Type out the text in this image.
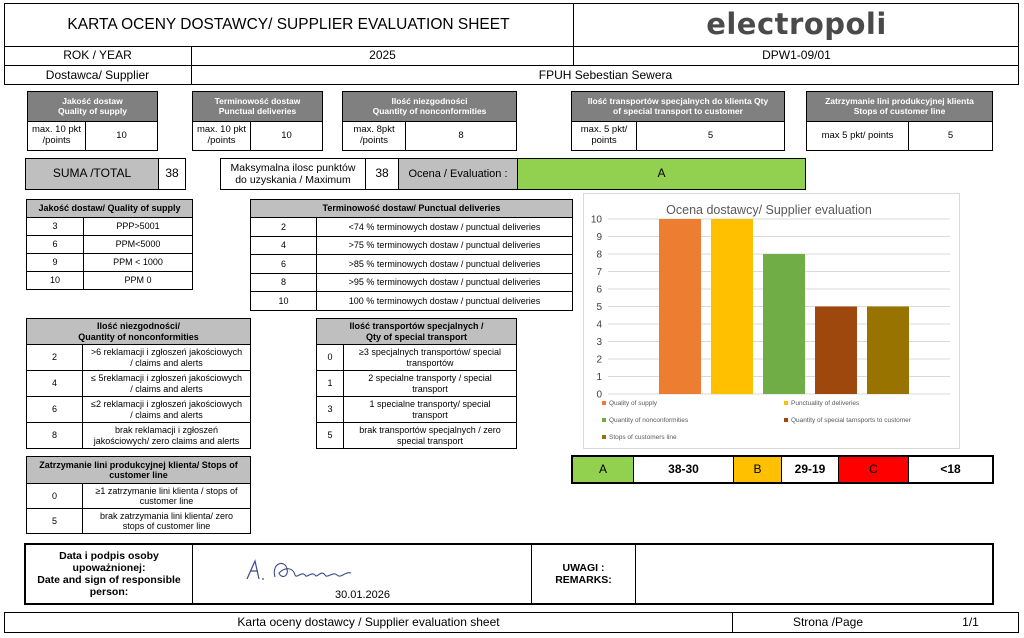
KARTA OCENY DOSTAWCY/ SUPPLIER EVALUATION SHEET	electropoli
ROK / YEAR	2025	DPW1-09/01
Dostawca/ Supplier	FPUH Sebestian Sewera
Jakość dostaw
Quality of supply
max. 10 pkt /points	10
Terminowość dostaw
Punctual deliveries
max. 10 pkt /points	10
Ilość niezgodności
Quantity of nonconformities
max. 8pkt /points	8
Ilość transportów specjalnych do klienta Qty
of special transport to customer
max. 5 pkt/ points	5
Zatrzymanie lini produkcyjnej klienta
Stops of customer line
max 5 pkt/ points	5
SUMA /TOTAL	38	Maksymalna ilosc punktów
do uzyskania / Maximum	38	Ocena / Evaluation :	A
Jakość dostaw/ Quality of supply	
3	PPP>5001
6	PPM<5000
9	PPM < 1000
10	PPM 0
Terminowość dostaw/ Punctual deliveries	
2	<74 % terminowych dostaw / punctual deliveries
4	>75 % terminowych dostaw / punctual deliveries
6	>85 % terminowych dostaw / punctual deliveries
8	>95 % terminowych dostaw / punctual deliveries
10	100 % terminowych dostaw / punctual deliveries
Ilość niezgodności/
Quantity of nonconformities	

2	>6 reklamacji i zgłoszeń jakościowych
/ claims and alerts

4	≤ 5reklamacji i zgłoszeń jakościowych
/ claims and alerts

6	≤2 reklamacji i zgłoszeń jakościowych
/ claims and alerts

8	brak reklamacji i zgłoszeń
jakościowych/ zero claims and alerts
Ilość transportów specjalnych /
Qty of special transport	

0	≥3 specjalnych transportów/ special
transportów

1	2 specialne transporty / special
transport

3	1 specialne transporty/ special
transport

5	brak transportów specjalnych / zero
special transport
Zatrzymanie lini produkcyjnej klienta/ Stops of
customer line	

0	≥1 zatrzymanie lini klienta / stops of
customer line

5	brak zatrzymania lini klienta/ zero
stops of customer line
Ocena dostawcy/ Supplier evaluation
0
1
2
3
4
5
6
7
8
9
10
Quality of supply	Punctuality of deliveries
Quantity of nonconformities	Quantity of special tarnsports to customer
Stops of customers line
A	38-30	B	29-19	C	<18
Data i podpis osoby
upoważnionej:
Date and sign of responsible
person:	30.01.2026
UWAGI :
REMARKS:
Karta oceny dostawcy / Supplier evaluation sheet	Strona /Page	1/1
